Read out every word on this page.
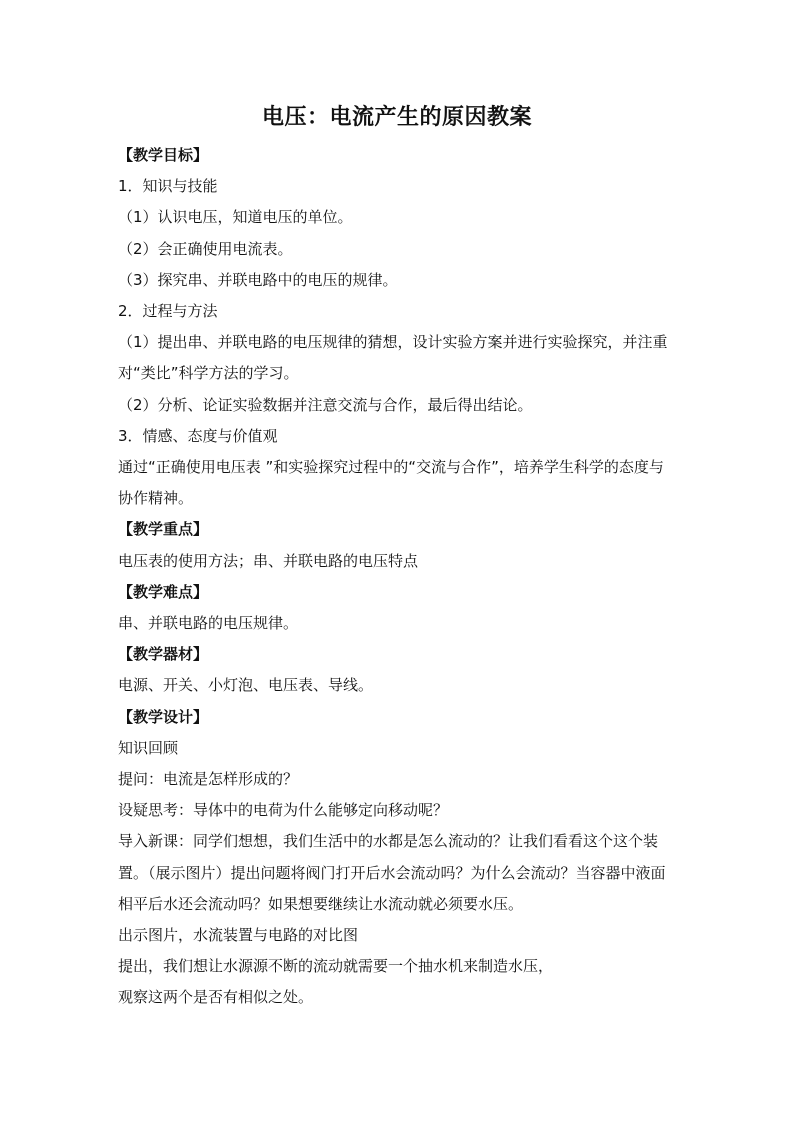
电压：电流产生的原因教案

【教学目标】

1．知识与技能

（1）认识电压，知道电压的单位。

（2）会正确使用电流表。

（3）探究串、并联电路中的电压的规律。

2．过程与方法

（1）提出串、并联电路的电压规律的猜想，设计实验方案并进行实验探究，并注重对“类比”科学方法的学习。

（2）分析、论证实验数据并注意交流与合作，最后得出结论。

3．情感、态度与价值观

通过“正确使用电压表 ”和实验探究过程中的“交流与合作”，培养学生科学的态度与协作精神。

【教学重点】

电压表的使用方法；串、并联电路的电压特点

【教学难点】

串、并联电路的电压规律。

【教学器材】

电源、开关、小灯泡、电压表、导线。

【教学设计】

知识回顾

提问：电流是怎样形成的？

设疑思考：导体中的电荷为什么能够定向移动呢？

导入新课：同学们想想，我们生活中的水都是怎么流动的？让我们看看这个这个装置。（展示图片）提出问题将阀门打开后水会流动吗？为什么会流动？当容器中液面相平后水还会流动吗？如果想要继续让水流动就必须要水压。

出示图片，水流装置与电路的对比图

提出，我们想让水源源不断的流动就需要一个抽水机来制造水压，

观察这两个是否有相似之处。
